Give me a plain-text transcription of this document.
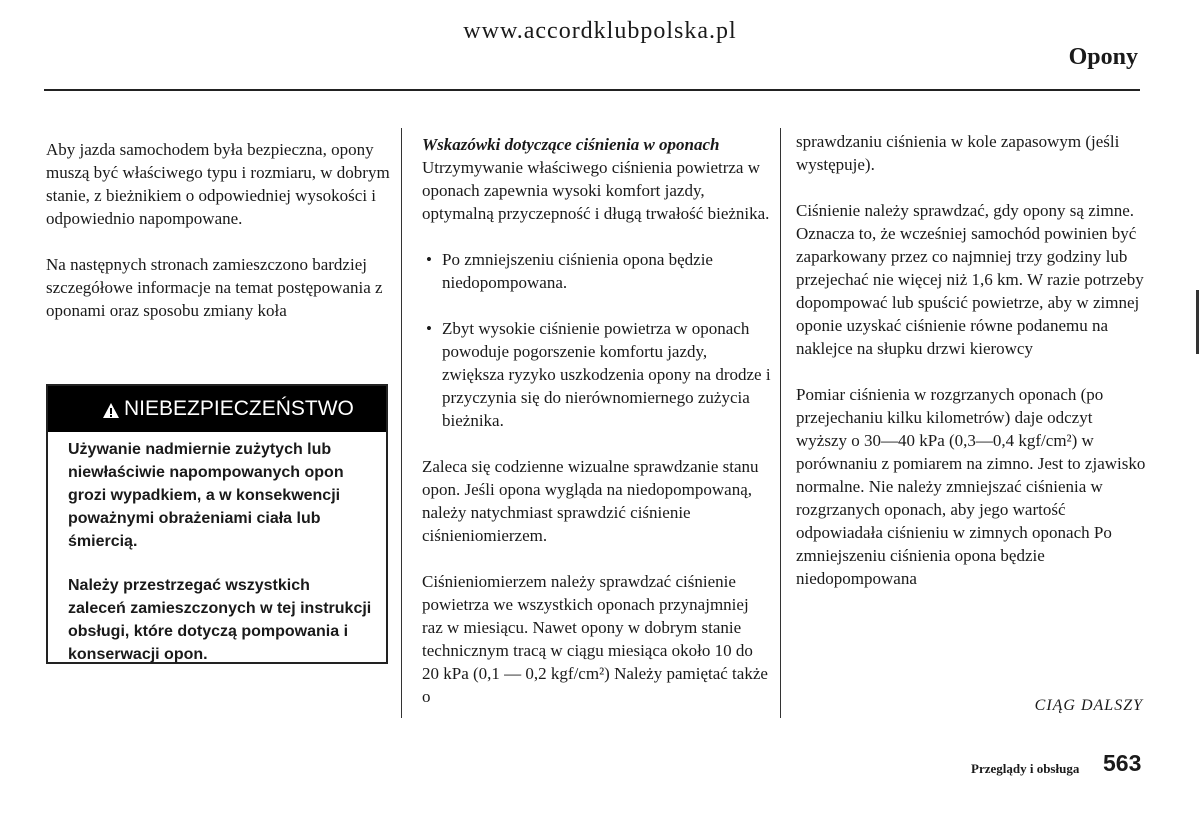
www.accordklubpolska.pl
Opony

Aby jazda samochodem była bezpieczna, opony muszą być właściwego typu i rozmiaru, w dobrym stanie, z bieżnikiem o odpowiedniej wysokości i odpowiednio napompowane.

Na następnych stronach zamieszczono bardziej szczegółowe informacje na temat postępowania z oponami oraz sposobu zmiany koła

NIEBEZPIECZEŃSTWO

Używanie nadmiernie zużytych lub niewłaściwie napompowanych opon grozi wypadkiem, a w konsekwencji poważnymi obrażeniami ciała lub śmiercią.

Należy przestrzegać wszystkich zaleceń zamieszczonych w tej instrukcji obsługi, które dotyczą pompowania i konserwacji opon.

Wskazówki dotyczące ciśnienia w oponach

Utrzymywanie właściwego ciśnienia powietrza w oponach zapewnia wysoki komfort jazdy, optymalną przyczepność i długą trwałość bieżnika.

• Po zmniejszeniu ciśnienia opona będzie niedopompowana.
• Zbyt wysokie ciśnienie powietrza w oponach powoduje pogorszenie komfortu jazdy, zwiększa ryzyko uszkodzenia opony na drodze i przyczynia się do nierównomiernego zużycia bieżnika.

Zaleca się codzienne wizualne sprawdzanie stanu opon. Jeśli opona wygląda na niedopompowaną, należy natychmiast sprawdzić ciśnienie ciśnieniomierzem.

Ciśnieniomierzem należy sprawdzać ciśnienie powietrza we wszystkich oponach przynajmniej raz w miesiącu. Nawet opony w dobrym stanie technicznym tracą w ciągu miesiąca około 10 do 20 kPa (0,1 — 0,2 kgf/cm²) Należy pamiętać także o

sprawdzaniu ciśnienia w kole zapasowym (jeśli występuje).

Ciśnienie należy sprawdzać, gdy opony są zimne. Oznacza to, że wcześniej samochód powinien być zaparkowany przez co najmniej trzy godziny lub przejechać nie więcej niż 1,6 km. W razie potrzeby dopompować lub spuścić powietrze, aby w zimnej oponie uzyskać ciśnienie równe podanemu na naklejce na słupku drzwi kierowcy

Pomiar ciśnienia w rozgrzanych oponach (po przejechaniu kilku kilometrów) daje odczyt wyższy o 30—40 kPa (0,3—0,4 kgf/cm²) w porównaniu z pomiarem na zimno. Jest to zjawisko normalne. Nie należy zmniejszać ciśnienia w rozgrzanych oponach, aby jego wartość odpowiadała ciśnieniu w zimnych oponach Po zmniejszeniu ciśnienia opona będzie niedopompowana

CIĄG DALSZY
Przeglądy i obsługa 563
